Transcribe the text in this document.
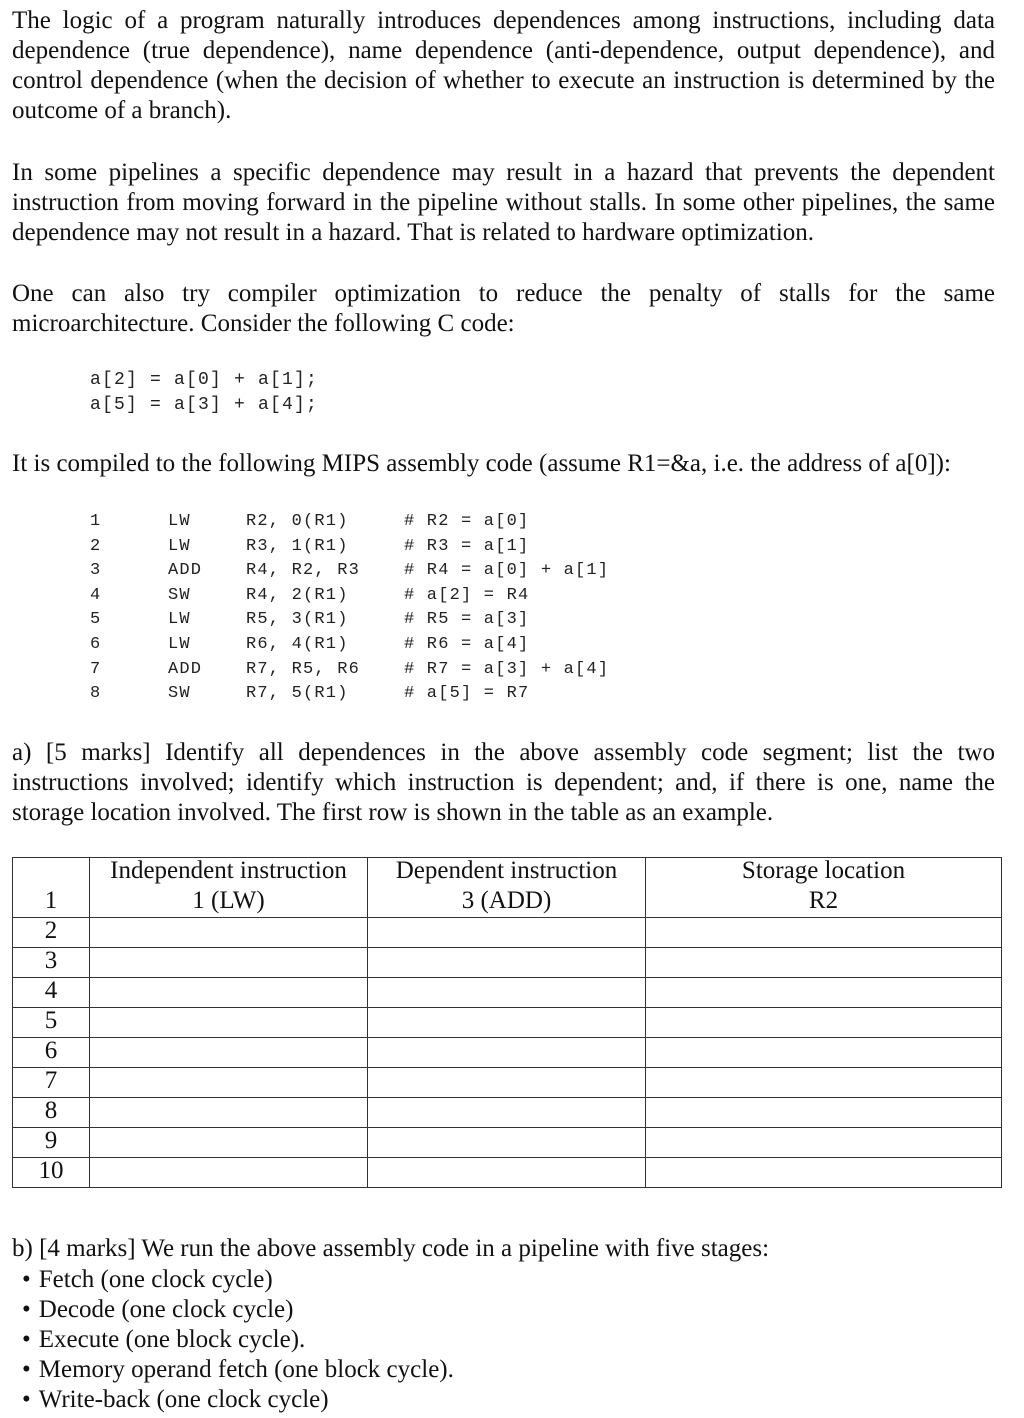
The logic of a program naturally introduces dependences among instructions, including data dependence (true dependence), name dependence (anti-dependence, output dependence), and control dependence (when the decision of whether to execute an instruction is determined by the outcome of a branch).

In some pipelines a specific dependence may result in a hazard that prevents the dependent instruction from moving forward in the pipeline without stalls. In some other pipelines, the same dependence may not result in a hazard. That is related to hardware optimization.

One can also try compiler optimization to reduce the penalty of stalls for the same microarchitecture. Consider the following C code:

a[2] = a[0] + a[1];

a[5] = a[3] + a[4];

It is compiled to the following MIPS assembly code (assume R1=&a, i.e. the address of a[0]):

1	LW	R2, 0(R1)	# R2 = a[0]
2	LW	R3, 1(R1)	# R3 = a[1]
3	ADD	R4, R2, R3	# R4 = a[0] + a[1]
4	SW	R4, 2(R1)	# a[2] = R4
5	LW	R5, 3(R1)	# R5 = a[3]
6	LW	R6, 4(R1)	# R6 = a[4]
7	ADD	R7, R5, R6	# R7 = a[3] + a[4]
8	SW	R7, 5(R1)	# a[5] = R7

a) [5 marks] Identify all dependences in the above assembly code segment; list the two instructions involved; identify which instruction is dependent; and, if there is one, name the storage location involved. The first row is shown in the table as an example.

	Independent instruction	Dependent instruction	Storage location
1	1 (LW)	3 (ADD)	R2
2			
3			
4			
5			
6			
7			
8			
9			
10			

b) [4 marks] We run the above assembly code in a pipeline with five stages:

• Fetch (one clock cycle)
• Decode (one clock cycle)
• Execute (one block cycle).
• Memory operand fetch (one block cycle).
• Write-back (one clock cycle)
